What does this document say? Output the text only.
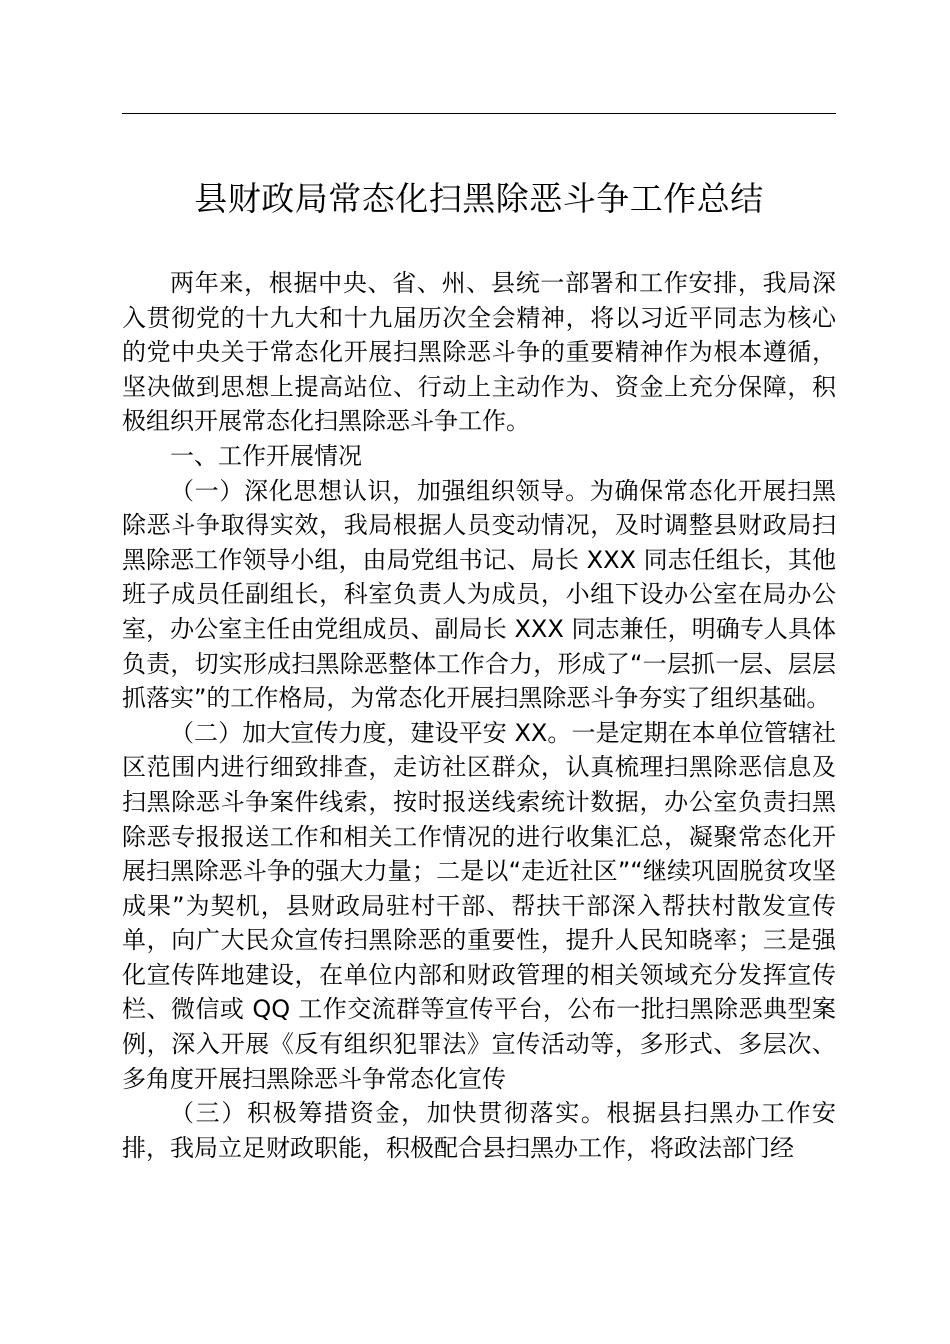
县财政局常态化扫黑除恶斗争工作总结

两年来，根据中央、省、州、县统一部署和工作安排，我局深入贯彻党的十九大和十九届历次全会精神，将以习近平同志为核心的党中央关于常态化开展扫黑除恶斗争的重要精神作为根本遵循，坚决做到思想上提高站位、行动上主动作为、资金上充分保障，积极组织开展常态化扫黑除恶斗争工作。

一、工作开展情况

（一）深化思想认识，加强组织领导。为确保常态化开展扫黑除恶斗争取得实效，我局根据人员变动情况，及时调整县财政局扫黑除恶工作领导小组，由局党组书记、局长 XXX 同志任组长，其他班子成员任副组长，科室负责人为成员，小组下设办公室在局办公室，办公室主任由党组成员、副局长 XXX 同志兼任，明确专人具体负责，切实形成扫黑除恶整体工作合力，形成了“一层抓一层、层层抓落实”的工作格局，为常态化开展扫黑除恶斗争夯实了组织基础。

（二）加大宣传力度，建设平安 XX。一是定期在本单位管辖社区范围内进行细致排查，走访社区群众，认真梳理扫黑除恶信息及扫黑除恶斗争案件线索，按时报送线索统计数据，办公室负责扫黑除恶专报报送工作和相关工作情况的进行收集汇总，凝聚常态化开展扫黑除恶斗争的强大力量；二是以“走近社区”“继续巩固脱贫攻坚成果”为契机，县财政局驻村干部、帮扶干部深入帮扶村散发宣传单，向广大民众宣传扫黑除恶的重要性，提升人民知晓率；三是强化宣传阵地建设，在单位内部和财政管理的相关领域充分发挥宣传栏、微信或 QQ 工作交流群等宣传平台，公布一批扫黑除恶典型案例，深入开展《反有组织犯罪法》宣传活动等，多形式、多层次、多角度开展扫黑除恶斗争常态化宣传

（三）积极筹措资金，加快贯彻落实。根据县扫黑办工作安排，我局立足财政职能，积极配合县扫黑办工作，将政法部门经
